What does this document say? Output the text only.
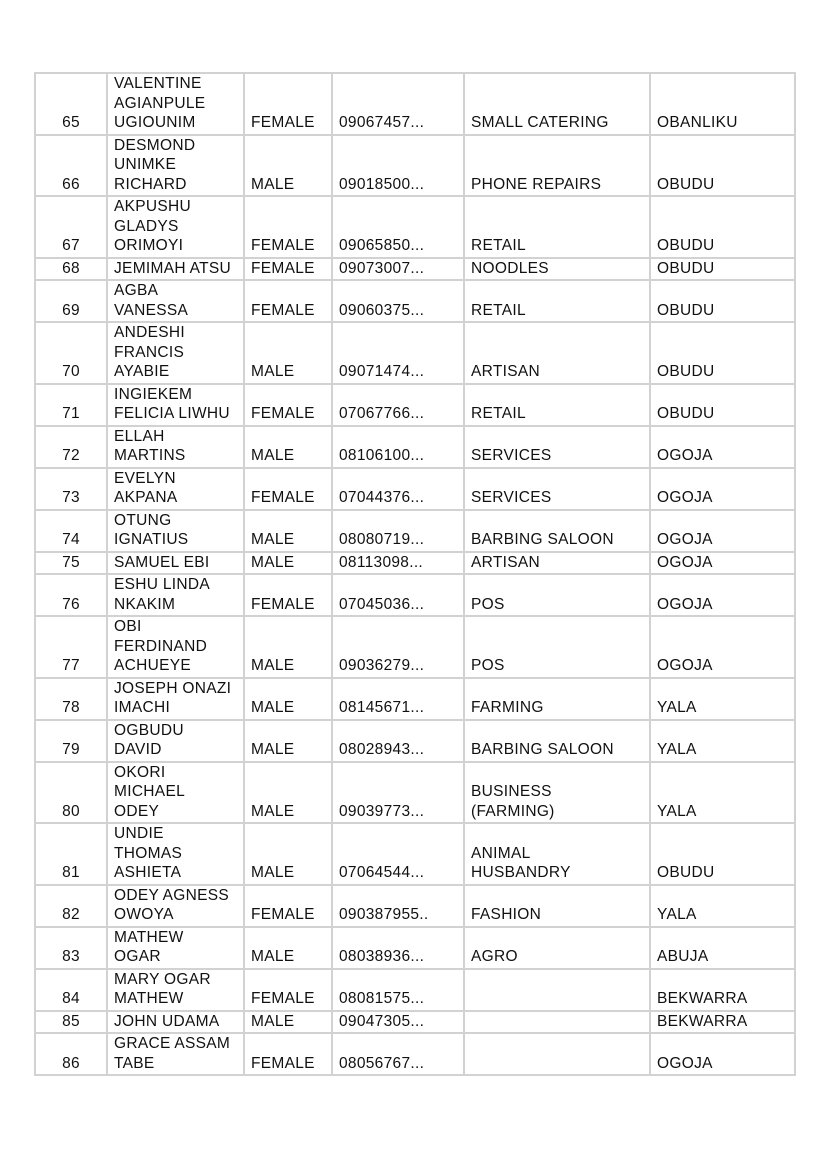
65	VALENTINE
AGIANPULE
UGIOUNIM	FEMALE	09067457...	SMALL CATERING	OBANLIKU
66	DESMOND
UNIMKE
RICHARD	MALE	09018500...	PHONE REPAIRS	OBUDU
67	AKPUSHU
GLADYS
ORIMOYI	FEMALE	09065850...	RETAIL	OBUDU
68	JEMIMAH ATSU	FEMALE	09073007...	NOODLES	OBUDU
69	AGBA
VANESSA	FEMALE	09060375...	RETAIL	OBUDU
70	ANDESHI
FRANCIS
AYABIE	MALE	09071474...	ARTISAN	OBUDU
71	INGIEKEM
FELICIA LIWHU	FEMALE	07067766...	RETAIL	OBUDU
72	ELLAH
MARTINS	MALE	08106100...	SERVICES	OGOJA
73	EVELYN
AKPANA	FEMALE	07044376...	SERVICES	OGOJA
74	OTUNG
IGNATIUS	MALE	08080719...	BARBING SALOON	OGOJA
75	SAMUEL EBI	MALE	08113098...	ARTISAN	OGOJA
76	ESHU LINDA
NKAKIM	FEMALE	07045036...	POS	OGOJA
77	OBI
FERDINAND
ACHUEYE	MALE	09036279...	POS	OGOJA
78	JOSEPH ONAZI
IMACHI	MALE	08145671...	FARMING	YALA
79	OGBUDU
DAVID	MALE	08028943...	BARBING SALOON	YALA
80	OKORI
MICHAEL
ODEY	MALE	09039773...	BUSINESS
(FARMING)	YALA
81	UNDIE
THOMAS
ASHIETA	MALE	07064544...	ANIMAL
HUSBANDRY	OBUDU
82	ODEY AGNESS
OWOYA	FEMALE	090387955..	FASHION	YALA
83	MATHEW
OGAR	MALE	08038936...	AGRO	ABUJA
84	MARY OGAR
MATHEW	FEMALE	08081575...		BEKWARRA
85	JOHN UDAMA	MALE	09047305...		BEKWARRA
86	GRACE ASSAM
TABE	FEMALE	08056767...		OGOJA
